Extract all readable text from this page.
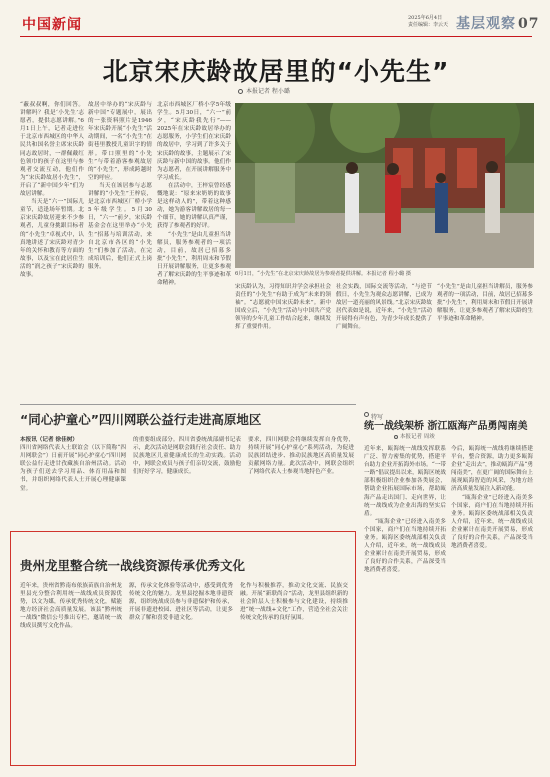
中国新闻	2025年6月4日
责任编辑：李云天 基层观察 07
北京宋庆龄故居里的“小先生”
本报记者 程小璐

“蔽叔叔啊，你们回答。讲解吗？我是‘小先生’志愿者，提供志愿讲解。”6月1日上午，记者走进位于北京市西城区的中华人民共和国名誉主席宋庆龄同志故居时，一群佩戴红色领巾的孩子在这里与参观者交流互动，他们作为“宋庆龄故居小先生”，开启了“新中国少年”们为故居讲解。

当天是“六一”国际儿童节，适逢场年暂期。北京宋庆龄故居迎来不少参观者，儿童身挑跟目标者的“小先生”卓视式中，认真地讲述了宋庆龄对青少年的关怀和教育等方面的故事，以及宝在此居住生活的“润之孩子”宋庆龄的故事。

故居中举办的“宋庆龄与新中国”专题展中，展出的一张资料照片是1946年宋庆龄开展“小先生”活动期间，一名“小先生”在街巷里教授儿童识字的情形。带口照里的“小先生”与带着游客参观故居的“小先生”，形成跨越时空的呼应。

当天在该居参与志愿讲解的“小先生”王梓宸，是北京市西城区厂桥小学5年级学生。5月30日，“六一”前夕，宋庆龄基金会在这里举办“小先生”招募与培训活动，来自北京市各区的“小先生”们参加了活动，在完成培训后，他们正式上岗服务。

北京市西城区厂桥小学5年级学生。5月30日，“六一”前夕，“宋庆龄我先行”——2025年在宋庆龄故居举办的志愿服务，小学生们在宋庆龄的故居中，学习到了许多关于宋庆龄的故事，主题展示了宋庆龄与新中国的故事。他们作为志愿者，在开展讲解服务中学习成长。

在活动中，王梓宸曾经感慨地说：“原来宋奶奶的故事是这样动人的”，带着这种感动，她为游客讲解故居的每一个细节，她的讲解认真严谨，获得了参观者的好评。

“小先生”是由儿童担当讲解员，服务参观者的一项活动，目前，故居已招募多批“小先生”，利用周末和节假日开展讲解服务，让更多参观者了解宋庆龄的生平事迹和革命精神。

6月1日，“小先生”在北京宋庆龄故居为参观者提供讲解。本报记者 程小璐 摄
宋庆龄认为，习得知识并学会承担社会责任的“小先生”有助于成为“未来的领袖”。“志愿就中国宋庆龄未来”。新中国成立后，“小先生”活动与中国共产党领导的少年儿童工作结合起来，继续发挥了重要作用。
社会实践，国际交流等活动，“与逆节假日，小先生为观众志愿讲解，已成为故居一道亮丽的风景线。”北京宋庆龄故居代表如是说，近年来，“小先生”活动开展得有声有色，为青少年成长提供了广阔舞台。
“小先生”是由儿童担当讲解员，服务参观者的一项活动，目前，故居已招募多批“小先生”，利用周末和节假日开展讲解服务，让更多参观者了解宋庆龄的生平事迹和革命精神。
“同心护童心”四川网联公益行走进高原地区

本报讯（记者 徐佳树）

四川省网络代表人士联谊会（以下简称“四川网联会”）日前开展“同心护童心”四川网联公益行走进甘孜藏族自治州活动。活动为孩子们送去学习用品、体育用品和图书，并组织网络代表人士开展心理健康课堂。

的重要组成部分。四川省委统战部副书记表示，此次活动是网联会践行社会责任、助力民族地区儿童健康成长的生动实践。活动中，网联会成员与孩子们亲切交流，鼓励他们好好学习，健康成长。
要求，四川网联会将继续发挥自身优势，持续开展“同心护童心”系列活动，为促进民族团结进步、推动民族地区高质量发展贡献网络力量。此次活动中，网联会组织了网络代表人士参观当地特色产业。
特写
统一战线架桥 浙江瓯海产品勇闯南美
本报记者 周竣

近年来，瓯海统一战线发挥联系广泛、智力密集的优势，搭建平台助力企业开拓海外市场。“一带一路”倡议提出以来，瓯海区统战部积极组织企业参加各类展会，帮助企业拓展国际市场，帮助瓯海产品走出国门、走向世界，让统一战线成为企业出海的坚实后盾。

“瓯海企业”已经进入南美多个国家，商户们在当地持续开拓业务。瓯海区委统战部相关负责人介绍，近年来，统一战线成员企业累计在南美开展贸易，形成了良好的合作关系，产品深受当地消费者喜爱。

今后，瓯海统一战线将继续搭建平台，整合资源，助力更多瓯海企业“走出去”，推动瓯海产品“勇闯南美”，在更广阔的国际舞台上展现瓯海智造的风采，为地方经济高质量发展注入新动能。

“瓯海企业”已经进入南美多个国家，商户们在当地持续开拓业务。瓯海区委统战部相关负责人介绍，近年来，统一战线成员企业累计在南美开展贸易，形成了良好的合作关系，产品深受当地消费者喜爱。

贵州龙里整合统一战线资源传承优秀文化
近年来，贵州省黔南布依族苗族自治州龙里县充分整合利用统一战线成员资源优势，以文为媒，传承优秀传统文化，赋能地方经济社会高质量发展。该县“黔州统一战线”微信公号推出专栏，邀请统一战线成员撰写文化作品。
源，传承文化体验等活动中，感受到优秀传统文化的魅力。龙里县挖掘本地非遗资源，组织统战成员参与非遗保护和传承，开展非遗进校园、进社区等活动，让更多群众了解和喜爱非遗文化。
化作与积极推荐，推动文化交流、民族交融。开展“新联尚合”活动，龙里县组织新的社会阶层人士积极参与文化建设，持续推进“统一战线+文化”工作，营造全社会关注传统文化传承的良好氛围。
